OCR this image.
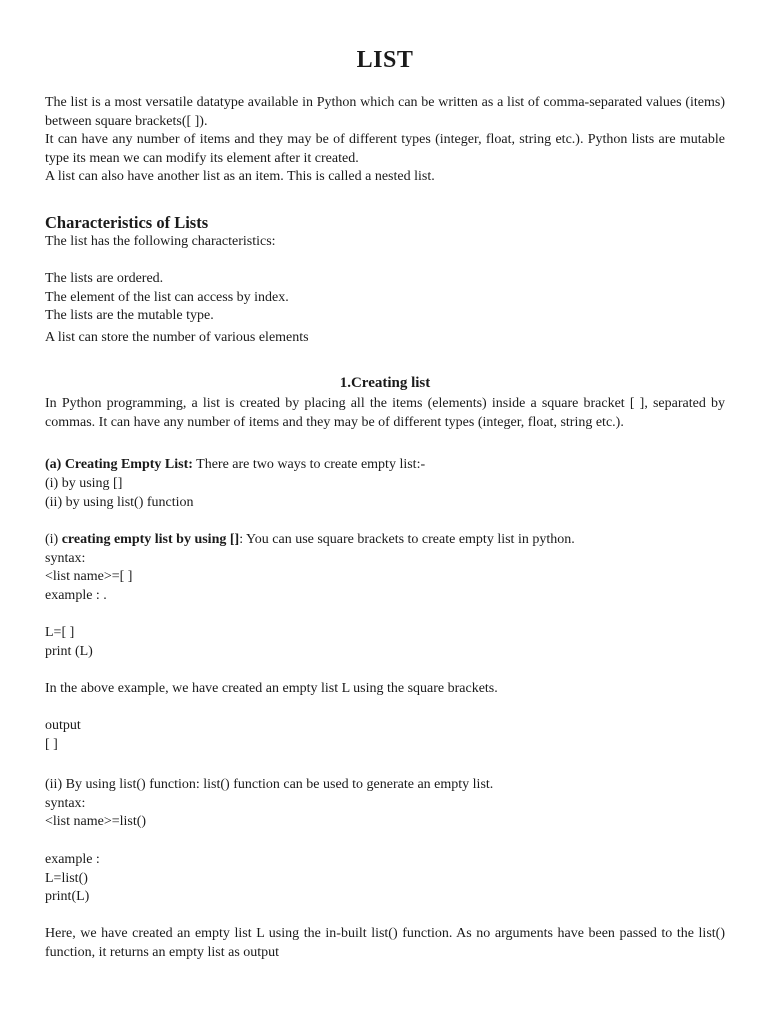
LIST
The list is a most versatile datatype available in Python which can be written as a list of comma-separated values (items) between square brackets([ ]).
It can have any number of items and they may be of different types (integer, float, string etc.). Python lists are mutable type its mean we can modify its element after it created.
A list can also have another list as an item. This is called a nested list.
Characteristics of Lists
The list has the following characteristics:
The lists are ordered.
The element of the list can access by index.
The lists are the mutable type.
A list can store the number of various elements
1.Creating list
In Python programming, a list is created by placing all the items (elements) inside a square bracket [ ], separated by commas. It can have any number of items and they may be of different types (integer, float, string etc.).
(a) Creating Empty List: There are two ways to create empty list:-
(i) by using []
(ii) by using list() function
(i) creating empty list by using []: You can use square brackets to create empty list in python.
syntax:
<list name>=[ ]
example : .
L=[ ]
print (L)
In the above example, we have created an empty list L using the square brackets.
output
[ ]
(ii) By using list() function: list() function can be used to generate an empty list.
syntax:
<list name>=list()
example :
L=list()
print(L)
Here, we have created an empty list L using the in-built list() function. As no arguments have been passed to the list() function, it returns an empty list as output
